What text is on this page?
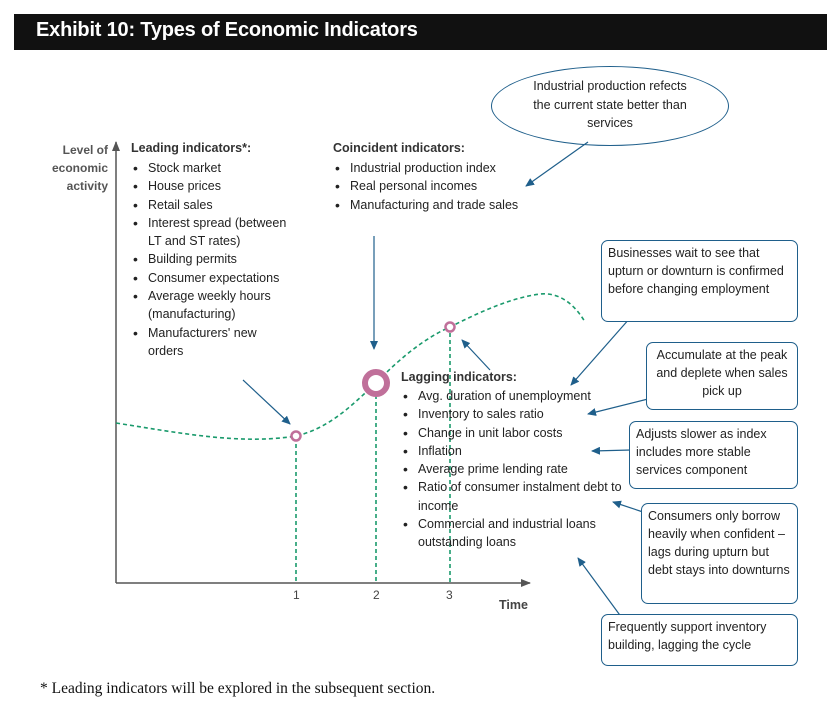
Exhibit 10: Types of Economic Indicators
Level of
economic
activity
1	2	3
Time
Leading indicators*:
• Stock market
• House prices
• Retail sales
• Interest spread (between LT and ST rates)
• Building permits
• Consumer expectations
• Average weekly hours (manufacturing)
• Manufacturers' new orders
Coincident indicators:
• Industrial production index
• Real personal incomes
• Manufacturing and trade sales
Lagging indicators:
• Avg. duration of unemployment
• Inventory to sales ratio
• Change in unit labor costs
• Inflation
• Average prime lending rate
• Ratio of consumer instalment debt to income
• Commercial and industrial loans outstanding loans
Industrial production refects the current state better than services
Businesses wait to see that upturn or downturn is confirmed before changing employment
Accumulate at the peak and deplete when sales pick up
Adjusts slower as index includes more stable services component
Consumers only borrow heavily when confident – lags during upturn but debt stays into downturns
Frequently support inventory building, lagging the cycle
* Leading indicators will be explored in the subsequent section.
